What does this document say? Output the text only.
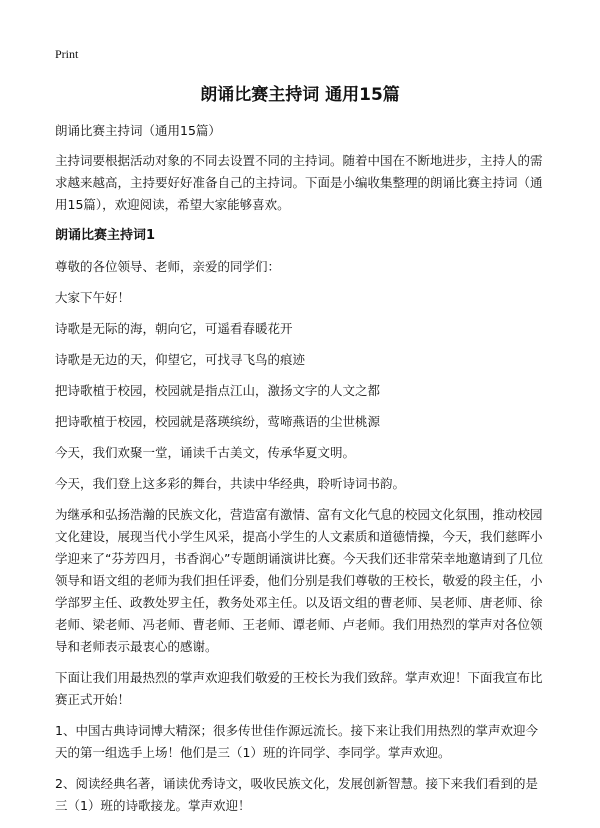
Print
朗诵比赛主持词 通用15篇

朗诵比赛主持词（通用15篇）

主持词要根据活动对象的不同去设置不同的主持词。随着中国在不断地进步，主持人的需求越来越高，主持要好好准备自己的主持词。下面是小编收集整理的朗诵比赛主持词（通用15篇），欢迎阅读，希望大家能够喜欢。

朗诵比赛主持词1

尊敬的各位领导、老师，亲爱的同学们：

大家下午好！

诗歌是无际的海，朝向它，可遥看春暖花开

诗歌是无边的天，仰望它，可找寻飞鸟的痕迹

把诗歌植于校园，校园就是指点江山，激扬文字的人文之都

把诗歌植于校园，校园就是落瑛缤纷，莺啼燕语的尘世桃源

今天，我们欢聚一堂，诵读千古美文，传承华夏文明。

今天，我们登上这多彩的舞台，共读中华经典，聆听诗词书韵。

为继承和弘扬浩瀚的民族文化，营造富有激情、富有文化气息的校园文化氛围，推动校园文化建设，展现当代小学生风采，提高小学生的人文素质和道德情操，今天，我们慈晖小学迎来了“芬芳四月，书香润心”专题朗诵演讲比赛。今天我们还非常荣幸地邀请到了几位领导和语文组的老师为我们担任评委，他们分别是我们尊敬的王校长，敬爱的段主任，小学部罗主任、政教处罗主任，教务处邓主任。以及语文组的曹老师、吴老师、唐老师、徐老师、梁老师、冯老师、曹老师、王老师、谭老师、卢老师。我们用热烈的掌声对各位领导和老师表示最衷心的感谢。

下面让我们用最热烈的掌声欢迎我们敬爱的王校长为我们致辞。掌声欢迎！下面我宣布比赛正式开始！

1、中国古典诗词博大精深；很多传世佳作源远流长。接下来让我们用热烈的掌声欢迎今天的第一组选手上场！他们是三（1）班的许同学、李同学。掌声欢迎。

2、阅读经典名著，诵读优秀诗文，吸收民族文化，发展创新智慧。接下来我们看到的是三（1）班的诗歌接龙。掌声欢迎！
